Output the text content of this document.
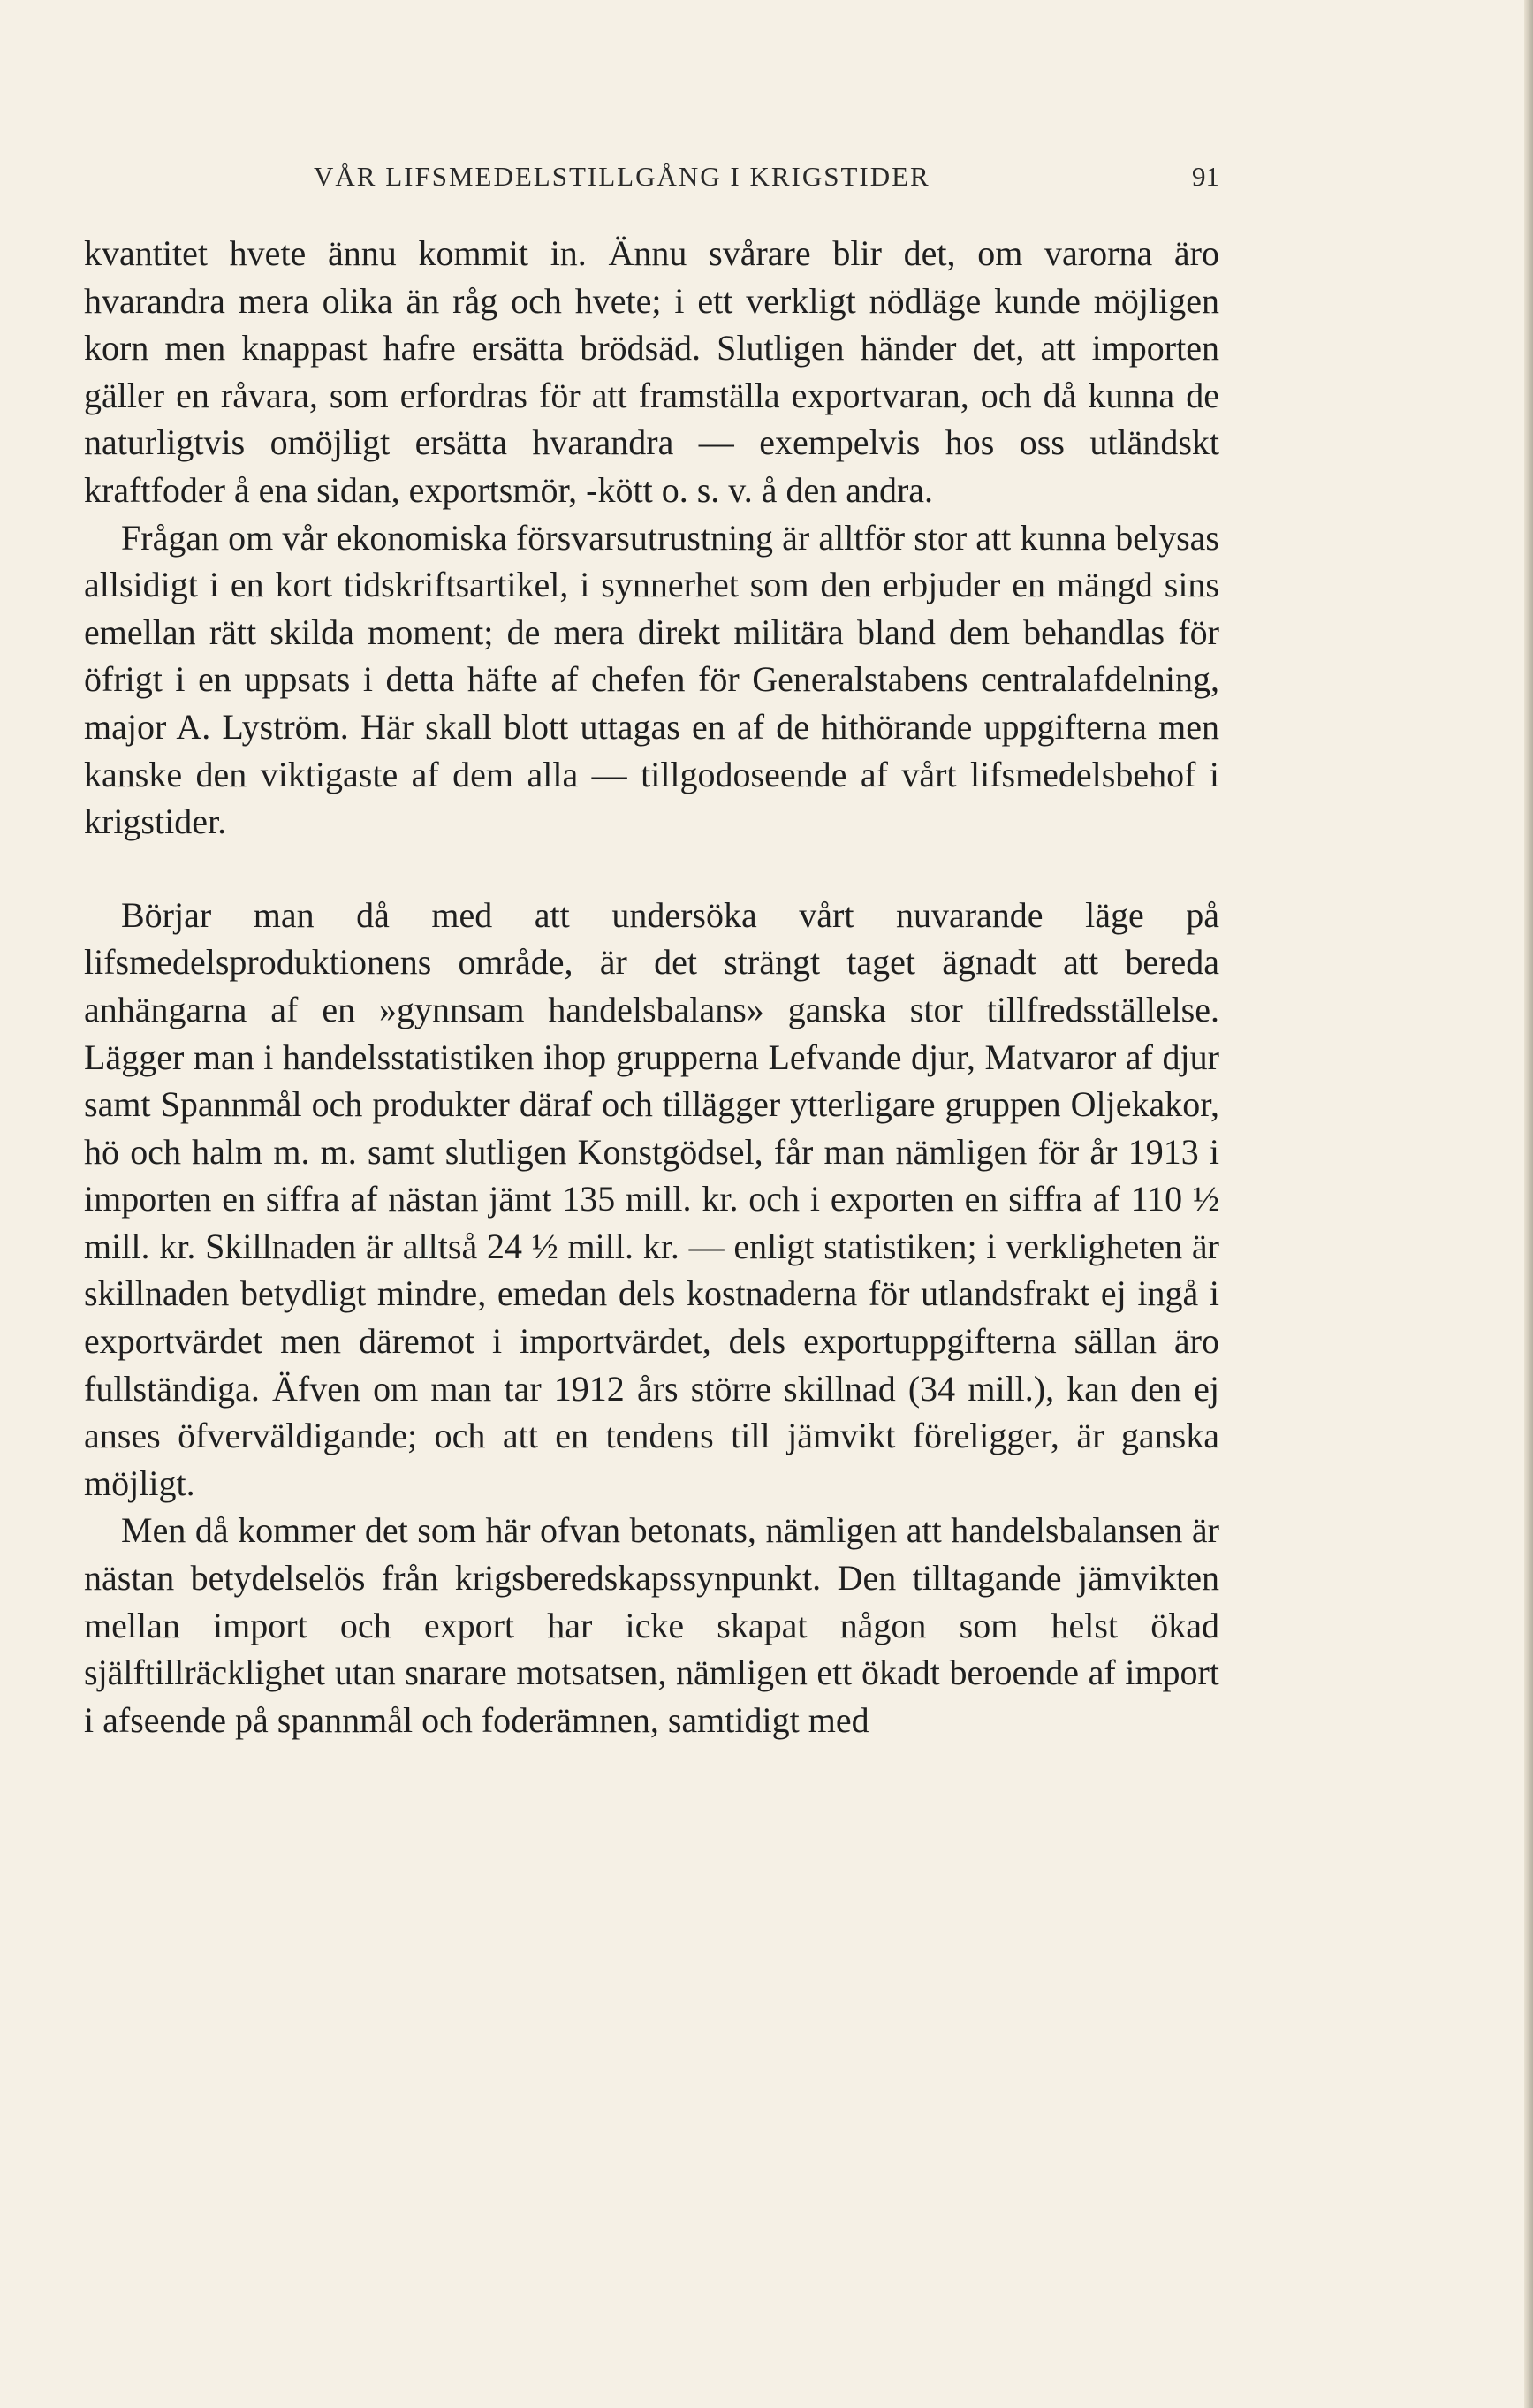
VÅR LIFSMEDELSTILLGÅNG I KRIGSTIDER	91

kvantitet hvete ännu kommit in. Ännu svårare blir det, om varorna äro hvarandra mera olika än råg och hvete; i ett verkligt nödläge kunde möjligen korn men knappast hafre ersätta brödsäd. Slutligen händer det, att importen gäller en råvara, som erfordras för att framställa exportvaran, och då kunna de naturligtvis omöjligt ersätta hvarandra — exempelvis hos oss utländskt kraftfoder å ena sidan, exportsmör, -kött o. s. v. å den andra.

Frågan om vår ekonomiska försvarsutrustning är alltför stor att kunna belysas allsidigt i en kort tidskriftsartikel, i synnerhet som den erbjuder en mängd sins emellan rätt skilda moment; de mera direkt militära bland dem behandlas för öfrigt i en uppsats i detta häfte af chefen för Generalstabens centralafdelning, major A. Lyström. Här skall blott uttagas en af de hithörande uppgifterna men kanske den viktigaste af dem alla — tillgodoseende af vårt lifsmedelsbehof i krigstider.

Börjar man då med att undersöka vårt nuvarande läge på lifsmedelsproduktionens område, är det strängt taget ägnadt att bereda anhängarna af en »gynnsam handelsbalans» ganska stor tillfredsställelse. Lägger man i handelsstatistiken ihop grupperna Lefvande djur, Matvaror af djur samt Spannmål och produkter däraf och tillägger ytterligare gruppen Oljekakor, hö och halm m. m. samt slutligen Konstgödsel, får man nämligen för år 1913 i importen en siffra af nästan jämt 135 mill. kr. och i exporten en siffra af 110 ½ mill. kr. Skillnaden är alltså 24 ½ mill. kr. — enligt statistiken; i verkligheten är skillnaden betydligt mindre, emedan dels kostnaderna för utlandsfrakt ej ingå i exportvärdet men däremot i importvärdet, dels exportuppgifterna sällan äro fullständiga. Äfven om man tar 1912 års större skillnad (34 mill.), kan den ej anses öfverväldigande; och att en tendens till jämvikt föreligger, är ganska möjligt.

Men då kommer det som här ofvan betonats, nämligen att handelsbalansen är nästan betydelselös från krigsberedskapssynpunkt. Den tilltagande jämvikten mellan import och export har icke skapat någon som helst ökad själftillräcklighet utan snarare motsatsen, nämligen ett ökadt beroende af import i afseende på spannmål och foderämnen, samtidigt med
